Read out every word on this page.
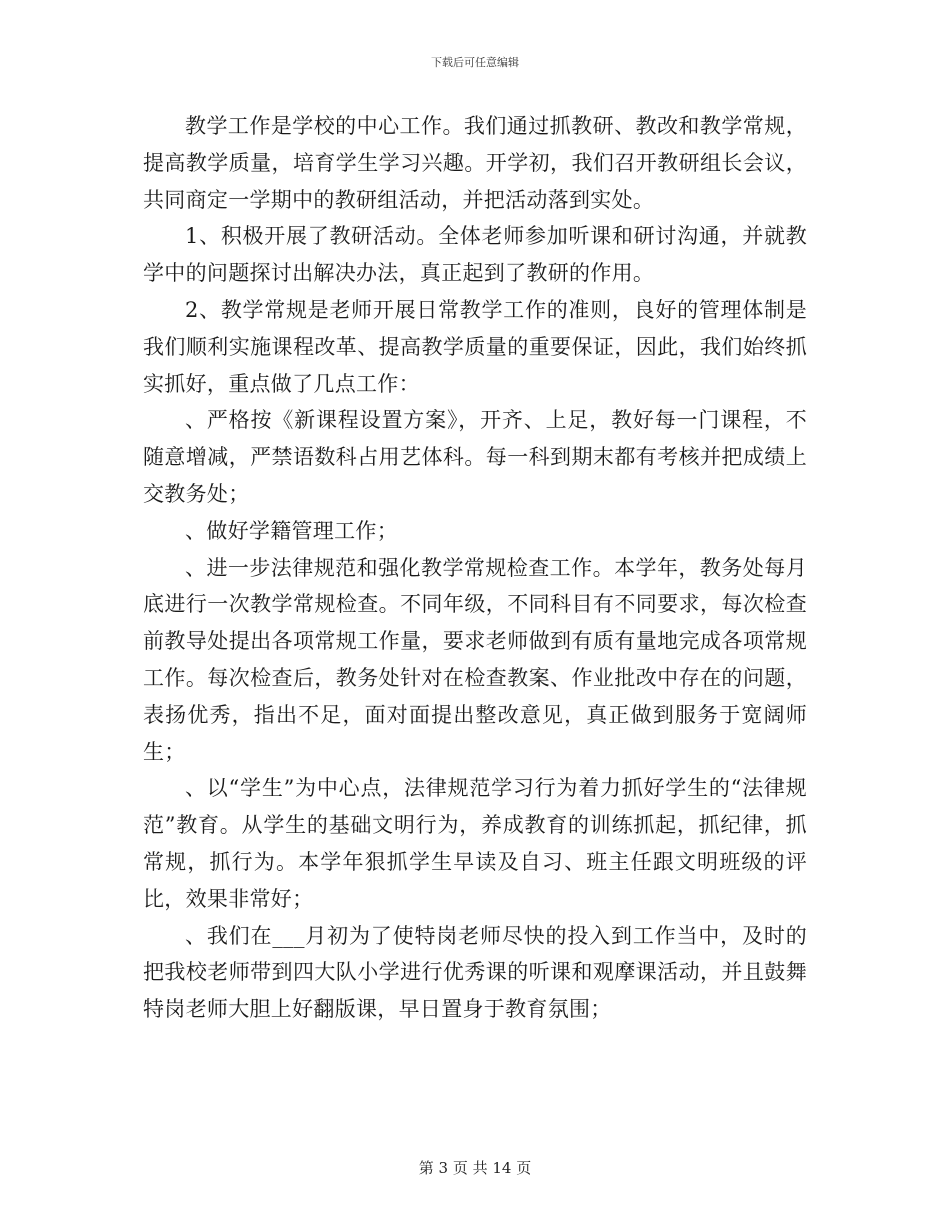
下载后可任意编辑

教学工作是学校的中心工作。我们通过抓教研、教改和教学常规，提高教学质量，培育学生学习兴趣。开学初，我们召开教研组长会议，共同商定一学期中的教研组活动，并把活动落到实处。

1、积极开展了教研活动。全体老师参加听课和研讨沟通，并就教学中的问题探讨出解决办法，真正起到了教研的作用。

2、教学常规是老师开展日常教学工作的准则，良好的管理体制是我们顺利实施课程改革、提高教学质量的重要保证，因此，我们始终抓实抓好，重点做了几点工作：

、严格按《新课程设置方案》，开齐、上足，教好每一门课程，不随意增减，严禁语数科占用艺体科。每一科到期末都有考核并把成绩上交教务处；

、做好学籍管理工作；

、进一步法律规范和强化教学常规检查工作。本学年，教务处每月底进行一次教学常规检查。不同年级，不同科目有不同要求，每次检查前教导处提出各项常规工作量，要求老师做到有质有量地完成各项常规工作。每次检查后，教务处针对在检查教案、作业批改中存在的问题，表扬优秀，指出不足，面对面提出整改意见，真正做到服务于宽阔师生；

、以“学生”为中心点，法律规范学习行为着力抓好学生的“法律规范”教育。从学生的基础文明行为，养成教育的训练抓起，抓纪律，抓常规，抓行为。本学年狠抓学生早读及自习、班主任跟文明班级的评比，效果非常好；

、我们在___月初为了使特岗老师尽快的投入到工作当中，及时的把我校老师带到四大队小学进行优秀课的听课和观摩课活动，并且鼓舞特岗老师大胆上好翻版课，早日置身于教育氛围；

第 3 页 共 14 页
